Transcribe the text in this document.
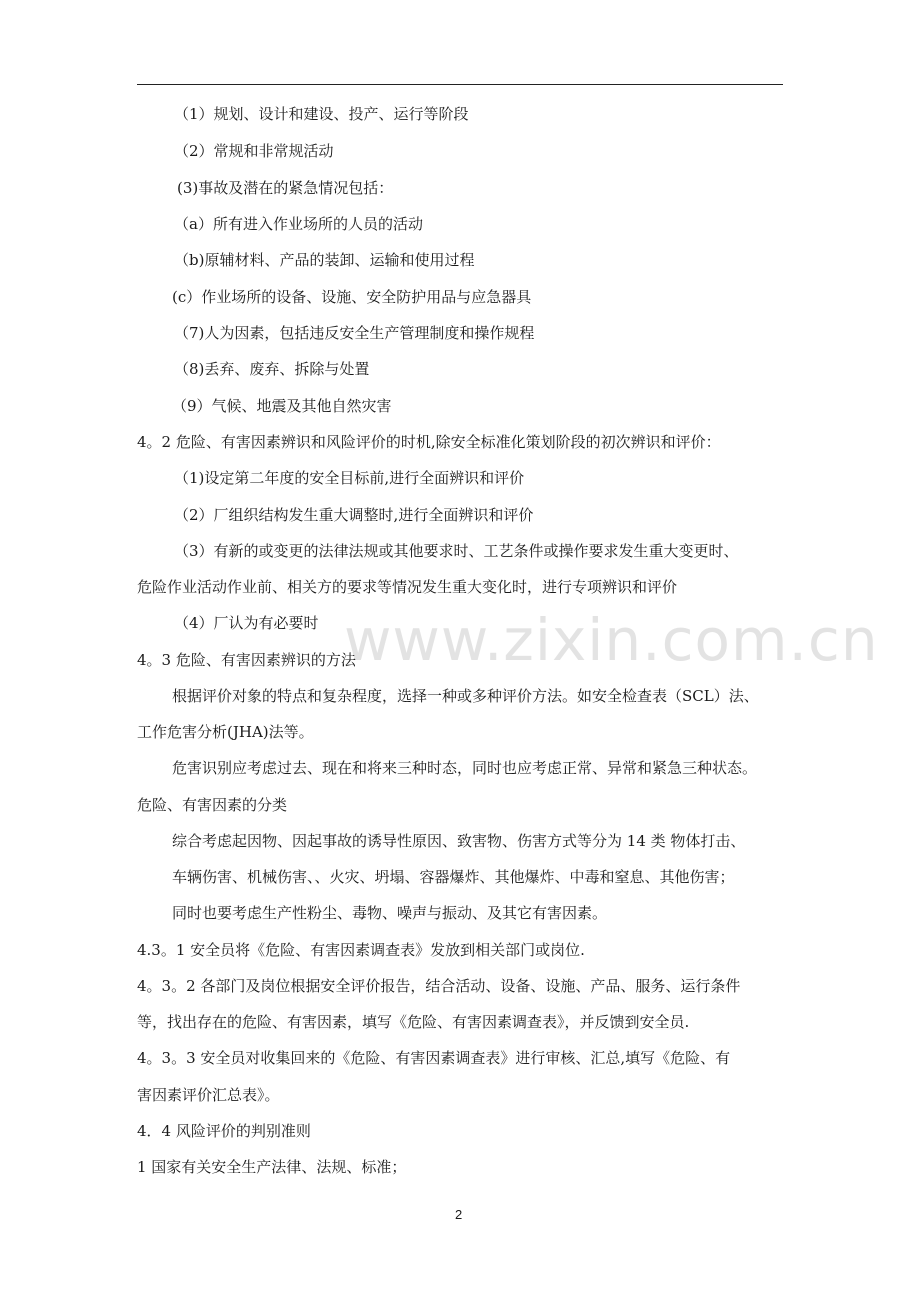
www.zixin.com.cn
（1）规划、设计和建设、投产、运行等阶段
（2）常规和非常规活动
(3)事故及潜在的紧急情况包括：
（a）所有进入作业场所的人员的活动
（b)原辅材料、产品的装卸、运输和使用过程
(c）作业场所的设备、设施、安全防护用品与应急器具
（7)人为因素，包括违反安全生产管理制度和操作规程
（8)丢弃、废弃、拆除与处置
（9）气候、地震及其他自然灾害
4。2 危险、有害因素辨识和风险评价的时机,除安全标准化策划阶段的初次辨识和评价：
（1)设定第二年度的安全目标前,进行全面辨识和评价
（2）厂组织结构发生重大调整时,进行全面辨识和评价
（3）有新的或变更的法律法规或其他要求时、工艺条件或操作要求发生重大变更时、
危险作业活动作业前、相关方的要求等情况发生重大变化时，进行专项辨识和评价
（4）厂认为有必要时
4。3 危险、有害因素辨识的方法
根据评价对象的特点和复杂程度，选择一种或多种评价方法。如安全检查表（SCL）法、
工作危害分析(JHA)法等。
危害识别应考虑过去、现在和将来三种时态，同时也应考虑正常、异常和紧急三种状态。
危险、有害因素的分类
综合考虑起因物、因起事故的诱导性原因、致害物、伤害方式等分为 14 类 物体打击、
车辆伤害、机械伤害、、火灾、坍塌、容器爆炸、其他爆炸、中毒和窒息、其他伤害；
同时也要考虑生产性粉尘、毒物、噪声与振动、及其它有害因素。
4.3。1 安全员将《危险、有害因素调查表》发放到相关部门或岗位.
4。3。2 各部门及岗位根据安全评价报告，结合活动、设备、设施、产品、服务、运行条件
等，找出存在的危险、有害因素，填写《危险、有害因素调查表》，并反馈到安全员.
4。3。3 安全员对收集回来的《危险、有害因素调查表》进行审核、汇总,填写《危险、有
害因素评价汇总表》。
4．4 风险评价的判别准则
1 国家有关安全生产法律、法规、标准；
2
